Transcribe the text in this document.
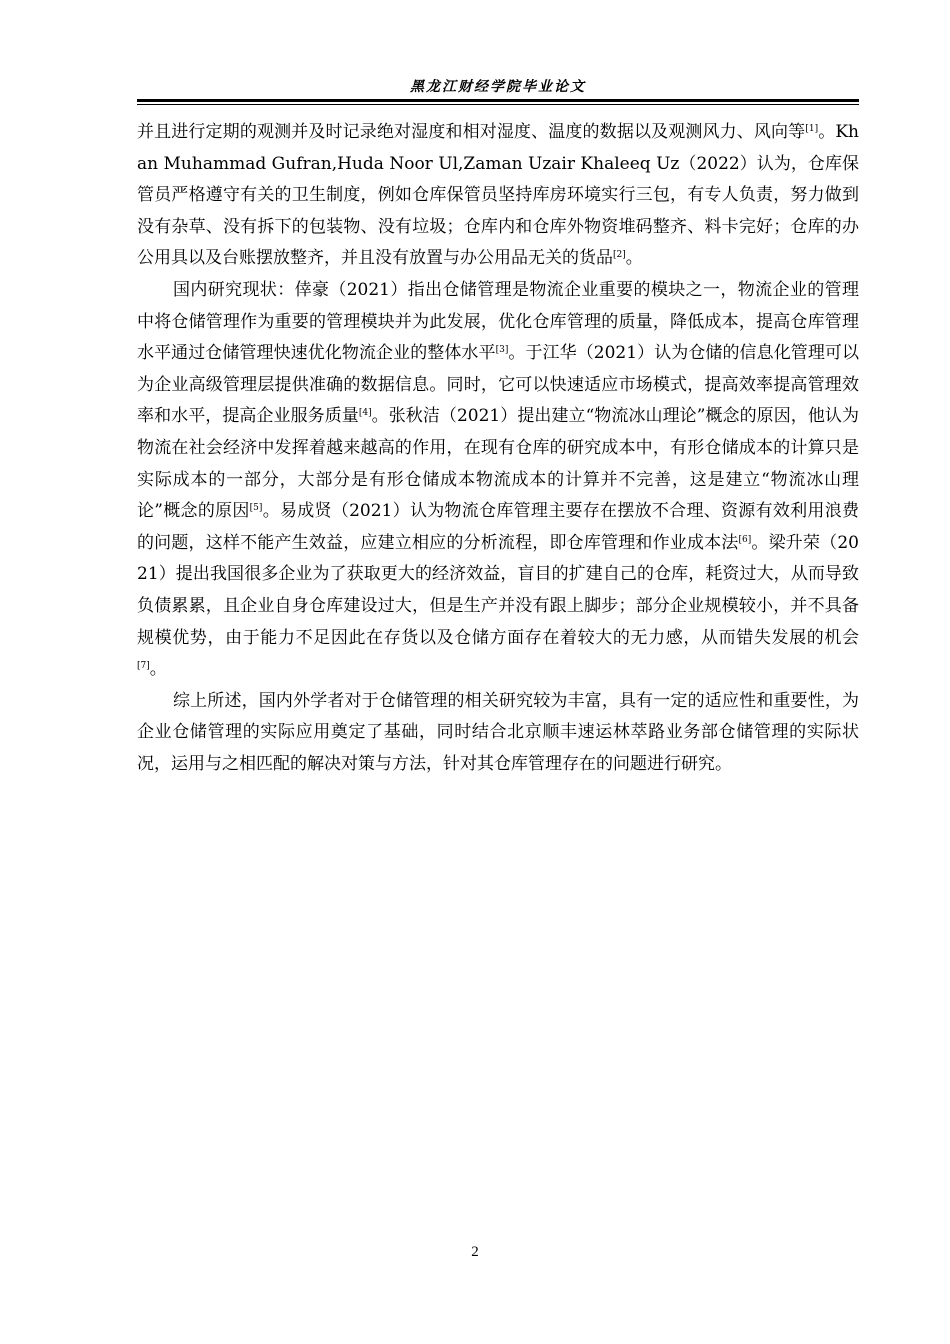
黑龙江财经学院毕业论文

并且进行定期的观测并及时记录绝对湿度和相对湿度、温度的数据以及观测风力、风向等[1]。Khan Muhammad Gufran,Huda Noor Ul,Zaman Uzair Khaleeq Uz（2022）认为，仓库保管员严格遵守有关的卫生制度，例如仓库保管员坚持库房环境实行三包，有专人负责，努力做到没有杂草、没有拆下的包装物、没有垃圾；仓库内和仓库外物资堆码整齐、料卡完好；仓库的办公用具以及台账摆放整齐，并且没有放置与办公用品无关的货品[2]。

国内研究现状：倖豪（2021）指出仓储管理是物流企业重要的模块之一，物流企业的管理中将仓储管理作为重要的管理模块并为此发展，优化仓库管理的质量，降低成本，提高仓库管理水平通过仓储管理快速优化物流企业的整体水平[3]。于江华（2021）认为仓储的信息化管理可以为企业高级管理层提供准确的数据信息。同时，它可以快速适应市场模式，提高效率提高管理效率和水平，提高企业服务质量[4]。张秋洁（2021）提出建立“物流冰山理论”概念的原因，他认为物流在社会经济中发挥着越来越高的作用，在现有仓库的研究成本中，有形仓储成本的计算只是实际成本的一部分，大部分是有形仓储成本物流成本的计算并不完善，这是建立“物流冰山理论”概念的原因[5]。易成贤（2021）认为物流仓库管理主要存在摆放不合理、资源有效利用浪费的问题，这样不能产生效益，应建立相应的分析流程，即仓库管理和作业成本法[6]。梁升荣（2021）提出我国很多企业为了获取更大的经济效益，盲目的扩建自己的仓库，耗资过大，从而导致负债累累，且企业自身仓库建设过大，但是生产并没有跟上脚步；部分企业规模较小，并不具备规模优势，由于能力不足因此在存货以及仓储方面存在着较大的无力感，从而错失发展的机会[7]。

综上所述，国内外学者对于仓储管理的相关研究较为丰富，具有一定的适应性和重要性，为企业仓储管理的实际应用奠定了基础，同时结合北京顺丰速运林萃路业务部仓储管理的实际状况，运用与之相匹配的解决对策与方法，针对其仓库管理存在的问题进行研究。

2
